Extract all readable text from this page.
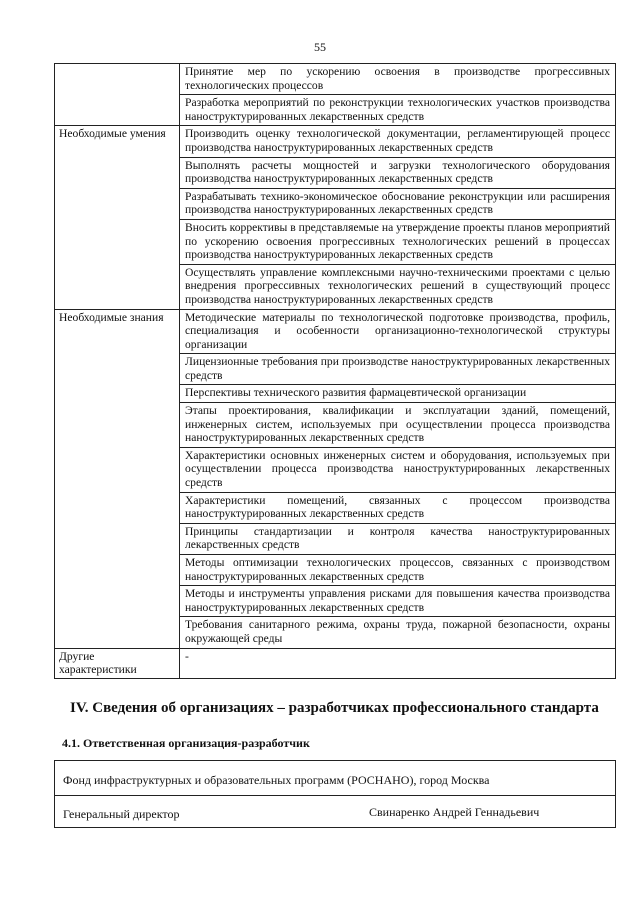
55
	Принятие мер по ускорению освоения в производстве прогрессивных технологических процессов
	Разработка мероприятий по реконструкции технологических участков производства наноструктурированных лекарственных средств
Необходимые умения	Производить оценку технологической документации, регламентирующей процесс производства наноструктурированных лекарственных средств
	Выполнять расчеты мощностей и загрузки технологического оборудования производства наноструктурированных лекарственных средств
	Разрабатывать технико-экономическое обоснование реконструкции или расширения производства наноструктурированных лекарственных средств
	Вносить коррективы в представляемые на утверждение проекты планов мероприятий по ускорению освоения прогрессивных технологических решений в процессах производства наноструктурированных лекарственных средств
	Осуществлять управление комплексными научно-техническими проектами с целью внедрения прогрессивных технологических решений в существующий процесс производства наноструктурированных лекарственных средств
Необходимые знания	Методические материалы по технологической подготовке производства, профиль, специализация и особенности организационно-технологической структуры организации
	Лицензионные требования при производстве наноструктурированных лекарственных средств
	Перспективы технического развития фармацевтической организации
	Этапы проектирования, квалификации и эксплуатации зданий, помещений, инженерных систем, используемых при осуществлении процесса производства наноструктурированных лекарственных средств
	Характеристики основных инженерных систем и оборудования, используемых при осуществлении процесса производства наноструктурированных лекарственных средств
	Характеристики помещений, связанных с процессом производства наноструктурированных лекарственных средств
	Принципы стандартизации и контроля качества наноструктурированных лекарственных средств
	Методы оптимизации технологических процессов, связанных с производством наноструктурированных лекарственных средств
	Методы и инструменты управления рисками для повышения качества производства наноструктурированных лекарственных средств
	Требования санитарного режима, охраны труда, пожарной безопасности, охраны окружающей среды
Другие характеристики	-
IV. Сведения об организациях – разработчиках профессионального стандарта
4.1. Ответственная организация-разработчик
Фонд инфраструктурных и образовательных программ (РОСНАНО), город Москва
Генеральный директор	Свинаренко Андрей Геннадьевич
